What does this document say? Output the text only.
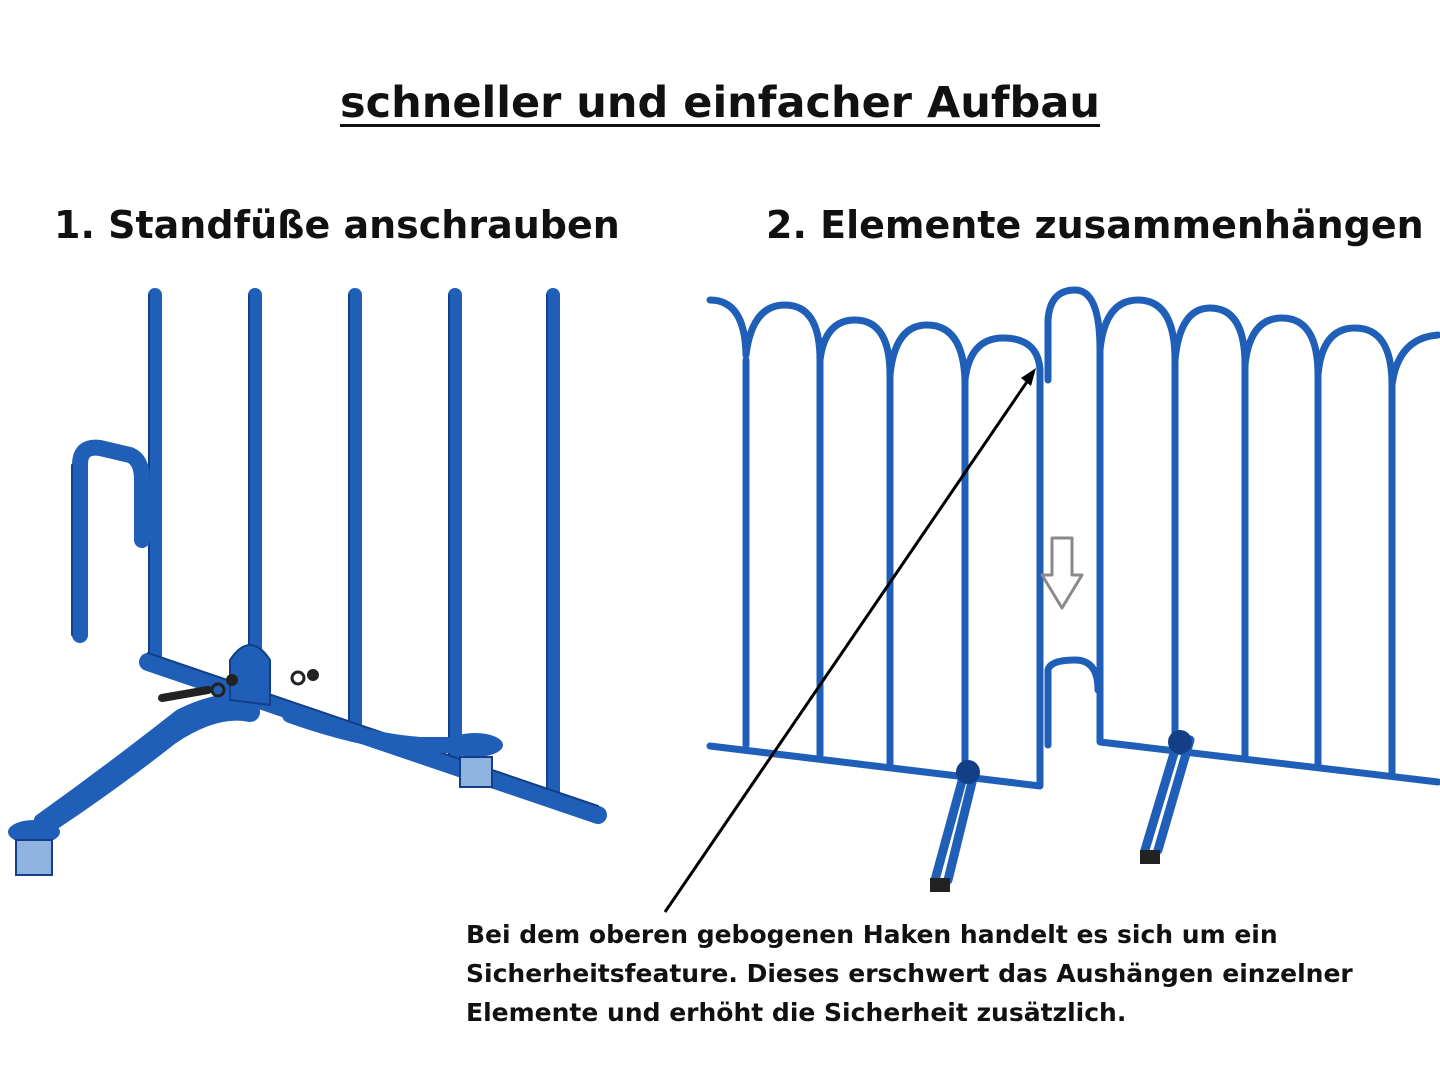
schneller und einfacher Aufbau
1. Standfüße anschrauben	2. Elemente zusammenhängen
Bei dem oberen gebogenen Haken handelt es sich um ein
Sicherheitsfeature. Dieses erschwert das Aushängen einzelner
Elemente und erhöht die Sicherheit zusätzlich.
